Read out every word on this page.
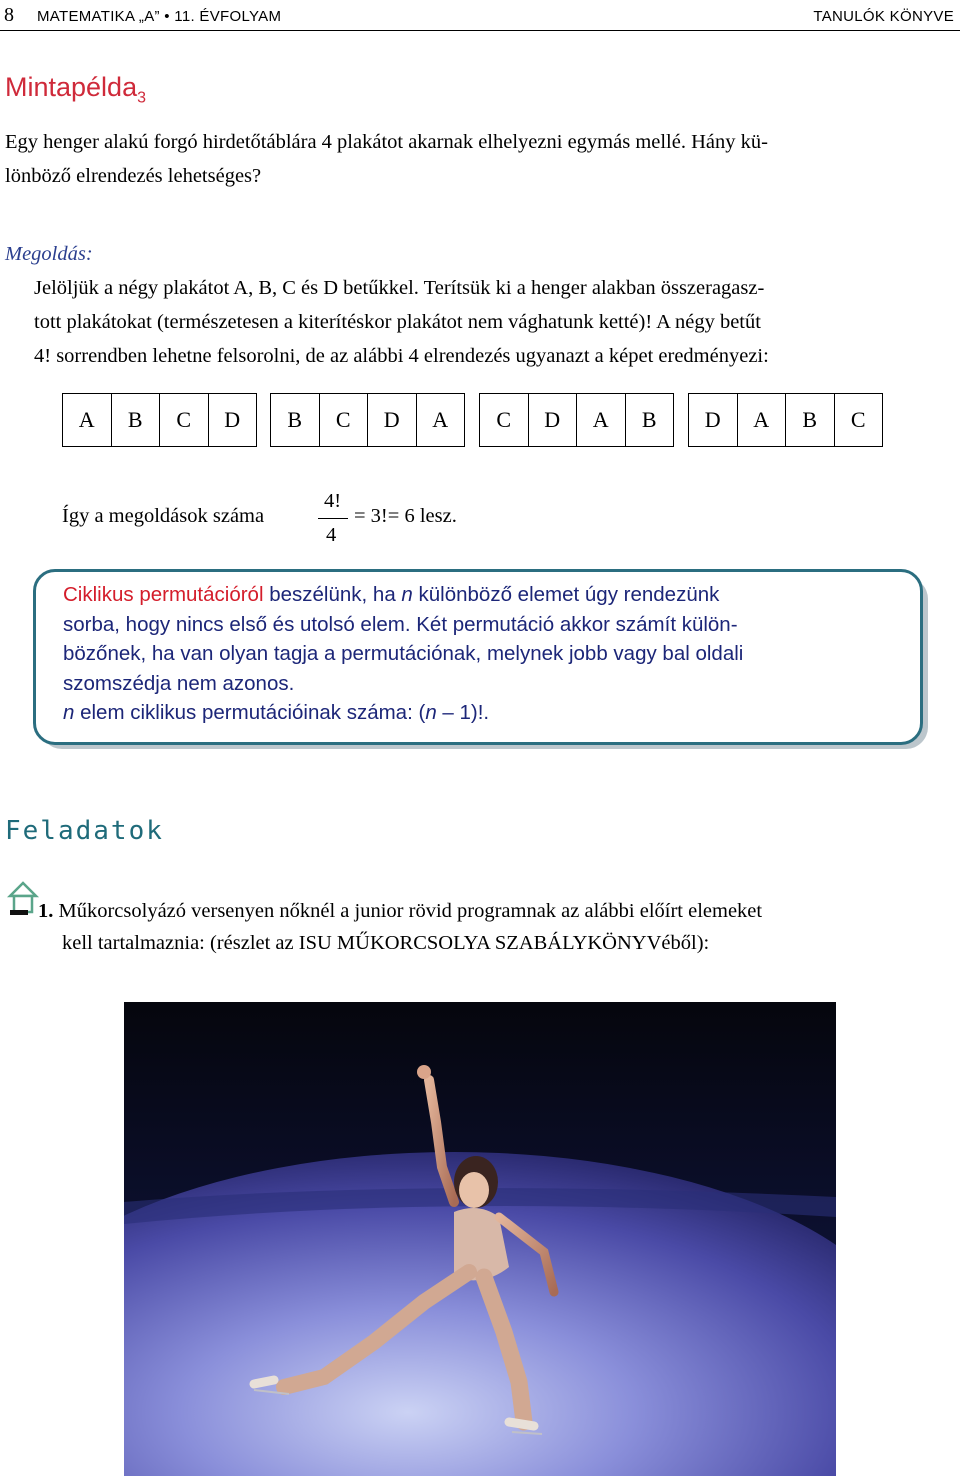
8 MATEMATIKA „A” • 11. ÉVFOLYAM	TANULÓK KÖNYVE
Mintapélda$_3$
Egy henger alakú forgó hirdetőtáblára 4 plakátot akarnak elhelyezni egymás mellé. Hány kü-
lönböző elrendezés lehetséges?
Megoldás:
Jelöljük a négy plakátot A, B, C és D betűkkel. Terítsük ki a henger alakban összeragasz-
tott plakátokat (természetesen a kiterítéskor plakátot nem vághatunk ketté)! A négy betűt
4! sorrendben lehetne felsorolni, de az alábbi 4 elrendezés ugyanazt a képet eredményezi:
A	B	C	D	B	C	D	A	C	D	A	B	D	A	B	C
Így a megoldások száma
4!
4
= 3!= 6 lesz.
Ciklikus permutációról beszélünk, ha n különböző elemet úgy rendezünk
sorba, hogy nincs első és utolsó elem. Két permutáció akkor számít külön-
bözőnek, ha van olyan tagja a permutációnak, melynek jobb vagy bal oldali
szomszédja nem azonos.
n elem ciklikus permutációinak száma: (n – 1)!.
Feladatok
1. Műkorcsolyázó versenyen nőknél a junior rövid programnak az alábbi előírt elemeket
kell tartalmaznia: (részlet az ISU MŰKORCSOLYA SZABÁLYKÖNYVéből):
